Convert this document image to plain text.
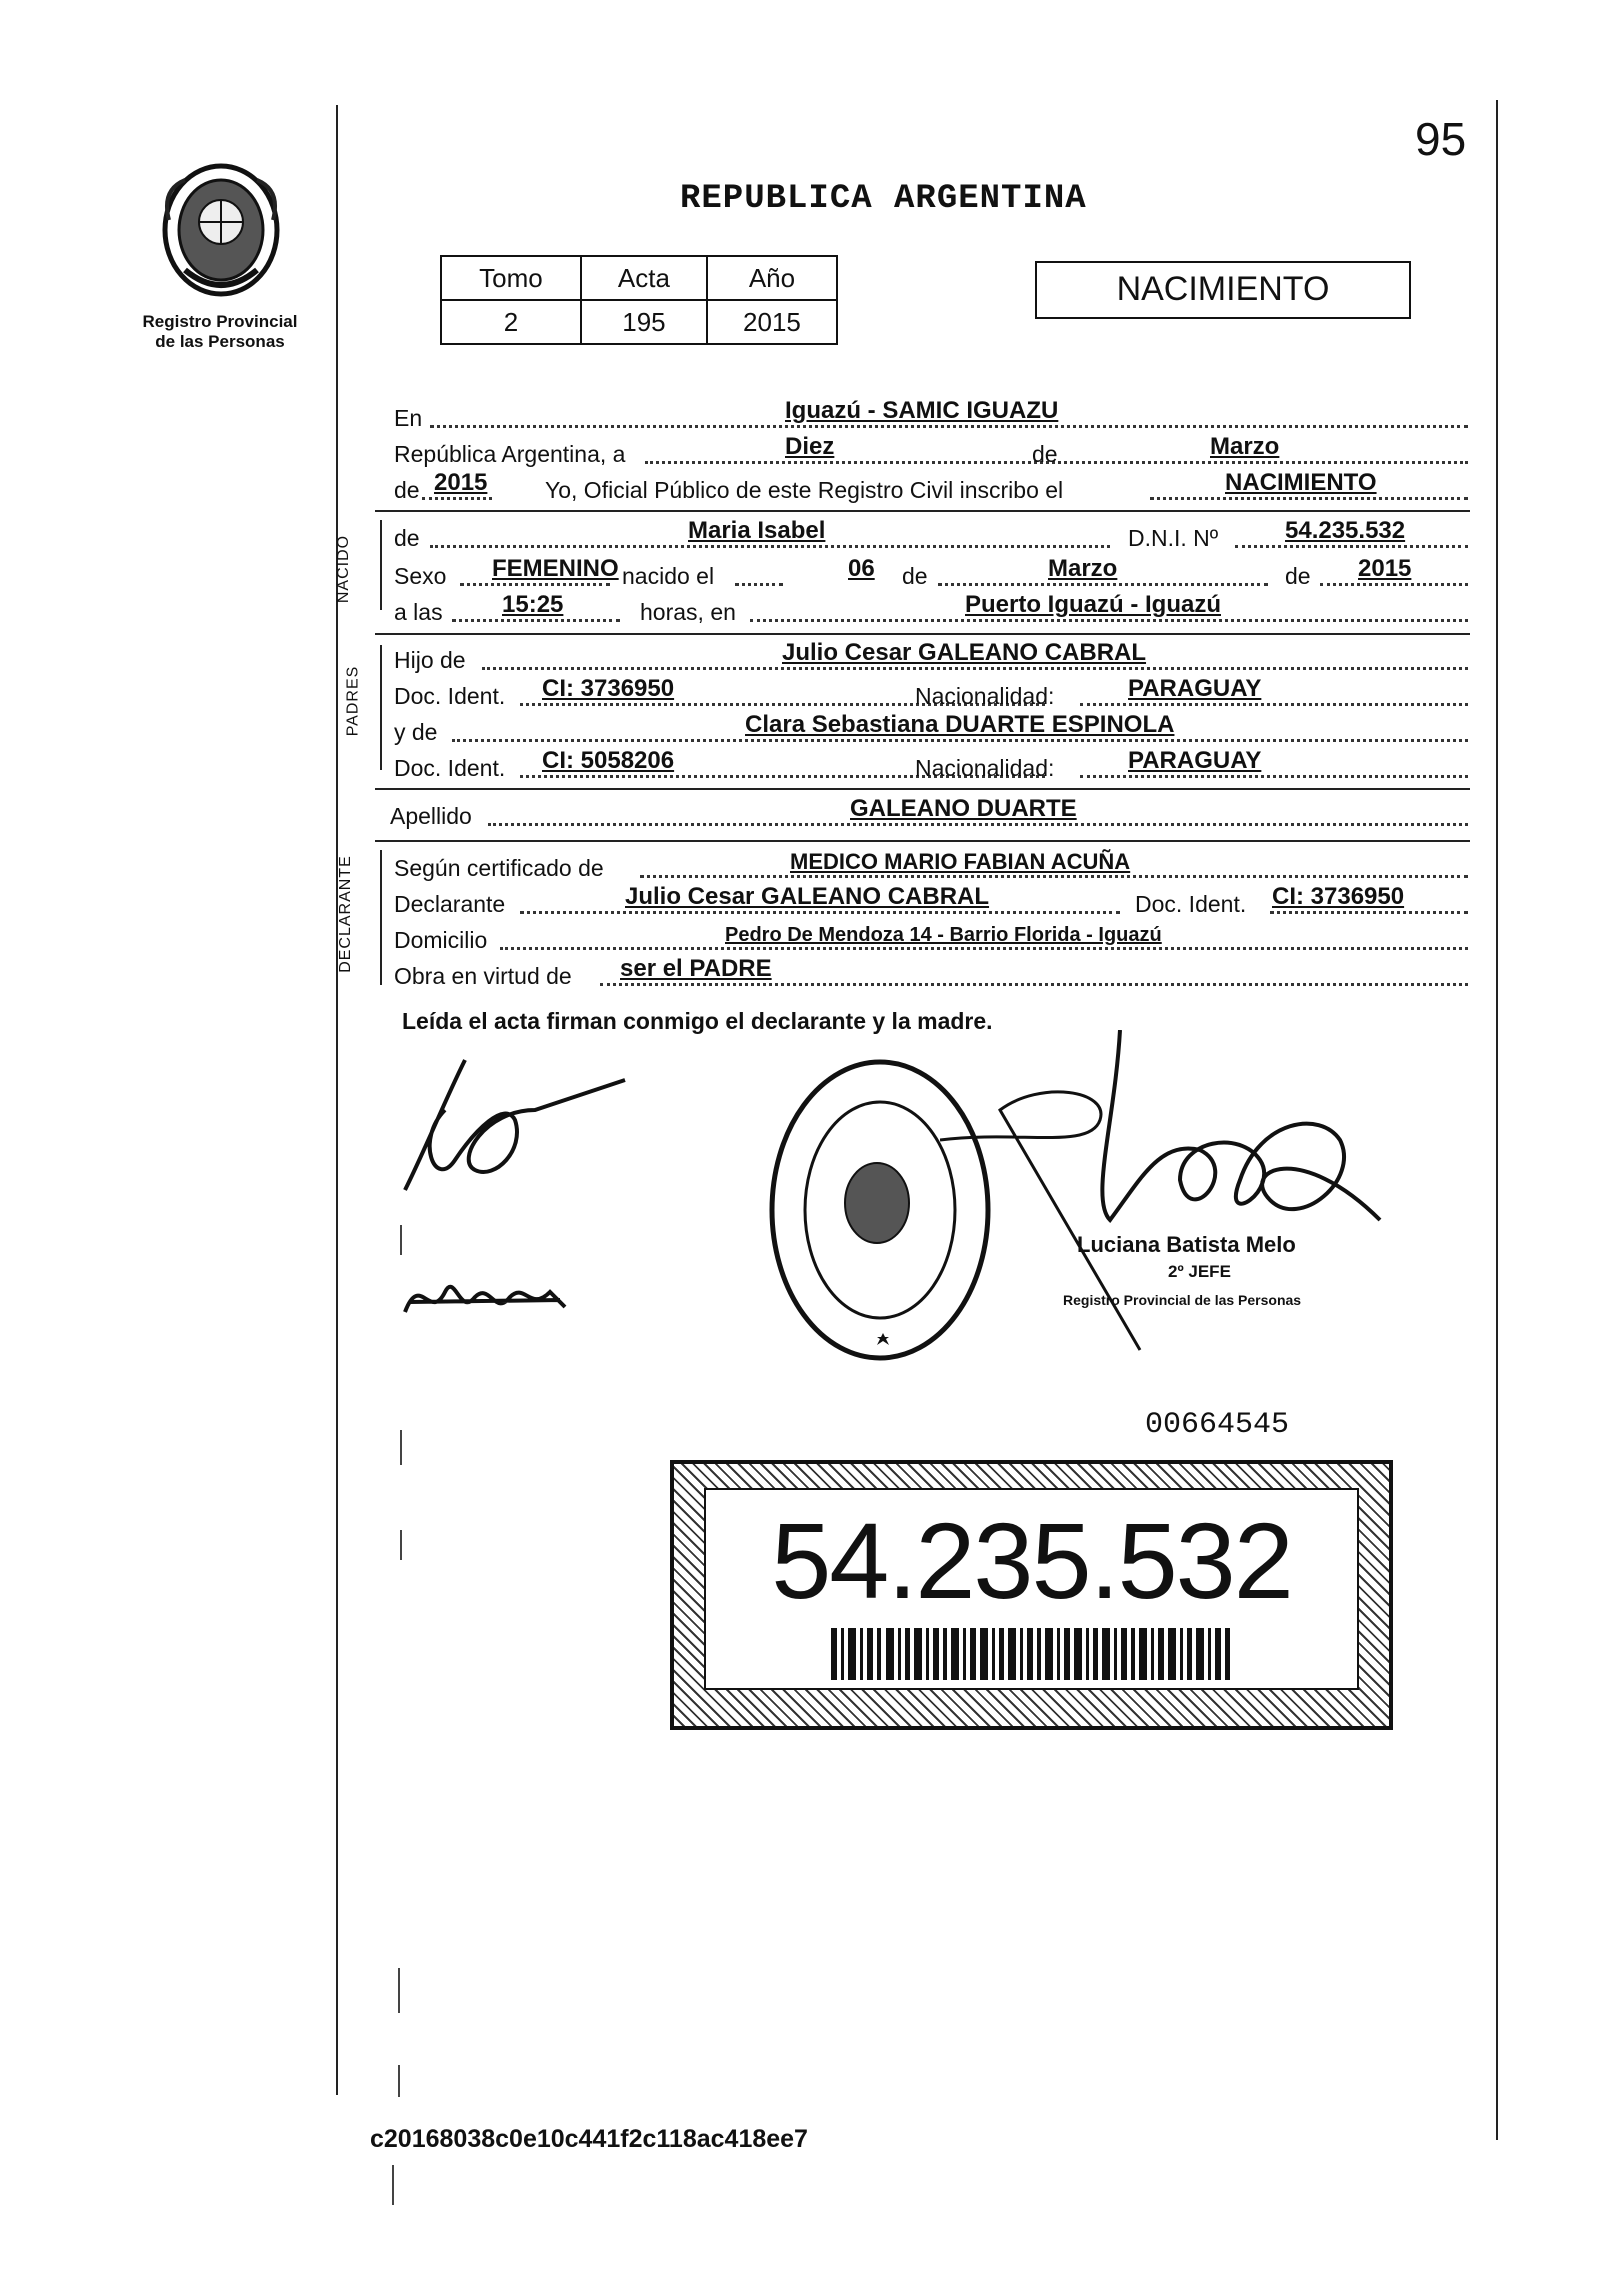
Registro Provincial
de las Personas
95
REPUBLICA ARGENTINA
Tomo	Acta	Año
2	195	2015
NACIMIENTO
En	Iguazú - SAMIC IGUAZU
República Argentina, a	Diez	de	Marzo
de 2015	Yo, Oficial Público de este Registro Civil inscribo el	NACIMIENTO
NACIDO de	Maria Isabel	D.N.I. Nº	54.235.532
Sexo FEMENINO nacido el	06 de	Marzo	de 2015
a las 15:25	horas, en	Puerto Iguazú - Iguazú
PADRES
Hijo de	Julio Cesar GALEANO CABRAL
Doc. Ident. CI: 3736950	Nacionalidad:	PARAGUAY
y de	Clara Sebastiana DUARTE ESPINOLA
Doc. Ident. CI: 5058206	Nacionalidad:	PARAGUAY
Apellido	GALEANO DUARTE
DECLARANTE Según certificado de	MEDICO MARIO FABIAN ACUÑA
Declarante	Julio Cesar GALEANO CABRAL	Doc. Ident. CI: 3736950
Domicilio	Pedro De Mendoza 14 - Barrio Florida - Iguazú
Obra en virtud de ser el PADRE
Leída el acta firman conmigo el declarante y la madre.
Luciana Batista Melo
2º JEFE
Registro Provincial de las Personas
00664545
54.235.532
c20168038c0e10c441f2c118ac418ee7
